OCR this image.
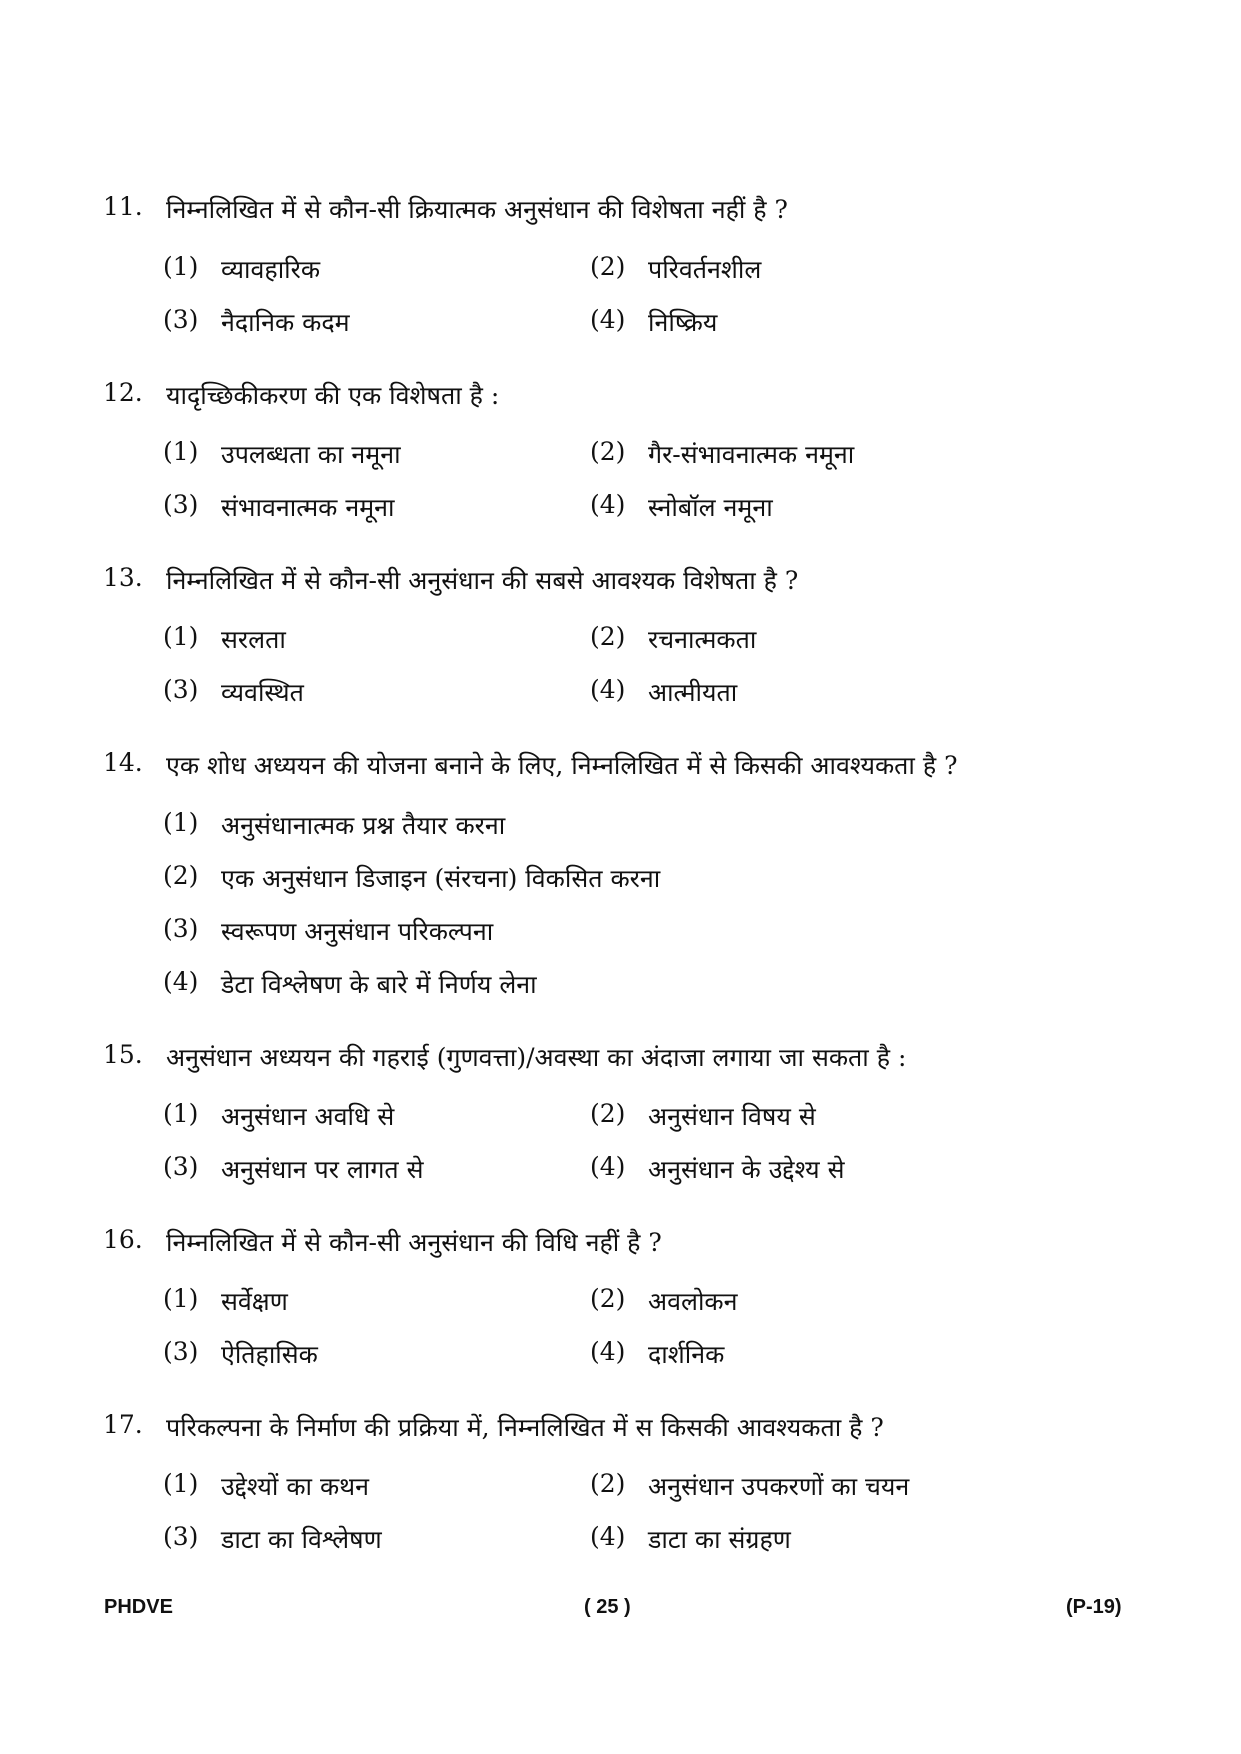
11. निम्नलिखित में से कौन-सी क्रियात्मक अनुसंधान की विशेषता नहीं है ?
(1) व्यावहारिक	(2) परिवर्तनशील
(3) नैदानिक कदम	(4) निष्क्रिय
12. यादृच्छिकीकरण की एक विशेषता है :
(1) उपलब्धता का नमूना	(2) गैर-संभावनात्मक नमूना
(3) संभावनात्मक नमूना	(4) स्नोबॉल नमूना
13. निम्नलिखित में से कौन-सी अनुसंधान की सबसे आवश्यक विशेषता है ?
(1) सरलता	(2) रचनात्मकता
(3) व्यवस्थित	(4) आत्मीयता
14. एक शोध अध्ययन की योजना बनाने के लिए, निम्नलिखित में से किसकी आवश्यकता है ?
(1) अनुसंधानात्मक प्रश्न तैयार करना
(2) एक अनुसंधान डिजाइन (संरचना) विकसित करना
(3) स्वरूपण अनुसंधान परिकल्पना
(4) डेटा विश्लेषण के बारे में निर्णय लेना
15. अनुसंधान अध्ययन की गहराई (गुणवत्ता)/अवस्था का अंदाजा लगाया जा सकता है :
(1) अनुसंधान अवधि से	(2) अनुसंधान विषय से
(3) अनुसंधान पर लागत से	(4) अनुसंधान के उद्देश्य से
16. निम्नलिखित में से कौन-सी अनुसंधान की विधि नहीं है ?
(1) सर्वेक्षण	(2) अवलोकन
(3) ऐतिहासिक	(4) दार्शनिक
17. परिकल्पना के निर्माण की प्रक्रिया में, निम्नलिखित में स किसकी आवश्यकता है ?
(1) उद्देश्यों का कथन	(2) अनुसंधान उपकरणों का चयन
(3) डाटा का विश्लेषण	(4) डाटा का संग्रहण
PHDVE	( 25 )	(P-19)
